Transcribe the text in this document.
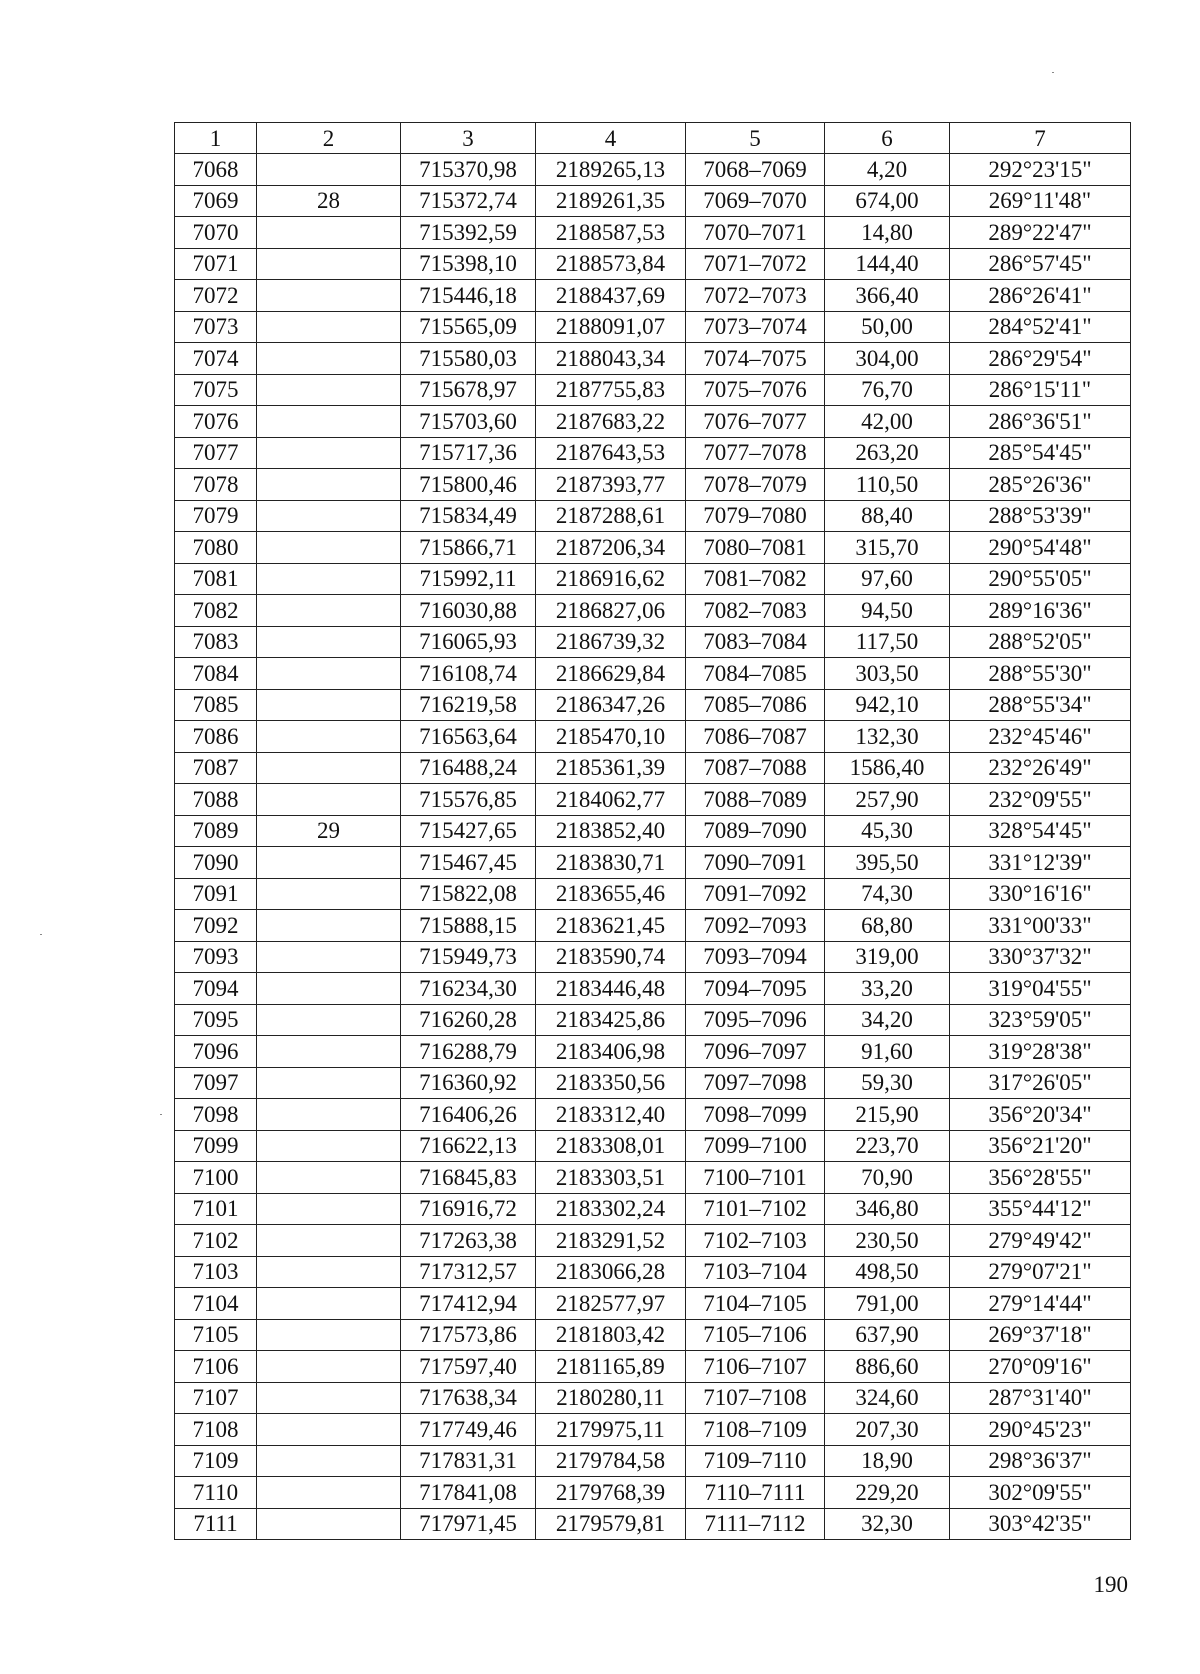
1	2	3	4	5	6	7
7068		715370,98	2189265,13	7068–7069	4,20	292°23'15"
7069	28	715372,74	2189261,35	7069–7070	674,00	269°11'48"
7070		715392,59	2188587,53	7070–7071	14,80	289°22'47"
7071		715398,10	2188573,84	7071–7072	144,40	286°57'45"
7072		715446,18	2188437,69	7072–7073	366,40	286°26'41"
7073		715565,09	2188091,07	7073–7074	50,00	284°52'41"
7074		715580,03	2188043,34	7074–7075	304,00	286°29'54"
7075		715678,97	2187755,83	7075–7076	76,70	286°15'11"
7076		715703,60	2187683,22	7076–7077	42,00	286°36'51"
7077		715717,36	2187643,53	7077–7078	263,20	285°54'45"
7078		715800,46	2187393,77	7078–7079	110,50	285°26'36"
7079		715834,49	2187288,61	7079–7080	88,40	288°53'39"
7080		715866,71	2187206,34	7080–7081	315,70	290°54'48"
7081		715992,11	2186916,62	7081–7082	97,60	290°55'05"
7082		716030,88	2186827,06	7082–7083	94,50	289°16'36"
7083		716065,93	2186739,32	7083–7084	117,50	288°52'05"
7084		716108,74	2186629,84	7084–7085	303,50	288°55'30"
7085		716219,58	2186347,26	7085–7086	942,10	288°55'34"
7086		716563,64	2185470,10	7086–7087	132,30	232°45'46"
7087		716488,24	2185361,39	7087–7088	1586,40	232°26'49"
7088		715576,85	2184062,77	7088–7089	257,90	232°09'55"
7089	29	715427,65	2183852,40	7089–7090	45,30	328°54'45"
7090		715467,45	2183830,71	7090–7091	395,50	331°12'39"
7091		715822,08	2183655,46	7091–7092	74,30	330°16'16"
7092		715888,15	2183621,45	7092–7093	68,80	331°00'33"
7093		715949,73	2183590,74	7093–7094	319,00	330°37'32"
7094		716234,30	2183446,48	7094–7095	33,20	319°04'55"
7095		716260,28	2183425,86	7095–7096	34,20	323°59'05"
7096		716288,79	2183406,98	7096–7097	91,60	319°28'38"
7097		716360,92	2183350,56	7097–7098	59,30	317°26'05"
7098		716406,26	2183312,40	7098–7099	215,90	356°20'34"
7099		716622,13	2183308,01	7099–7100	223,70	356°21'20"
7100		716845,83	2183303,51	7100–7101	70,90	356°28'55"
7101		716916,72	2183302,24	7101–7102	346,80	355°44'12"
7102		717263,38	2183291,52	7102–7103	230,50	279°49'42"
7103		717312,57	2183066,28	7103–7104	498,50	279°07'21"
7104		717412,94	2182577,97	7104–7105	791,00	279°14'44"
7105		717573,86	2181803,42	7105–7106	637,90	269°37'18"
7106		717597,40	2181165,89	7106–7107	886,60	270°09'16"
7107		717638,34	2180280,11	7107–7108	324,60	287°31'40"
7108		717749,46	2179975,11	7108–7109	207,30	290°45'23"
7109		717831,31	2179784,58	7109–7110	18,90	298°36'37"
7110		717841,08	2179768,39	7110–7111	229,20	302°09'55"
7111		717971,45	2179579,81	7111–7112	32,30	303°42'35"
190
